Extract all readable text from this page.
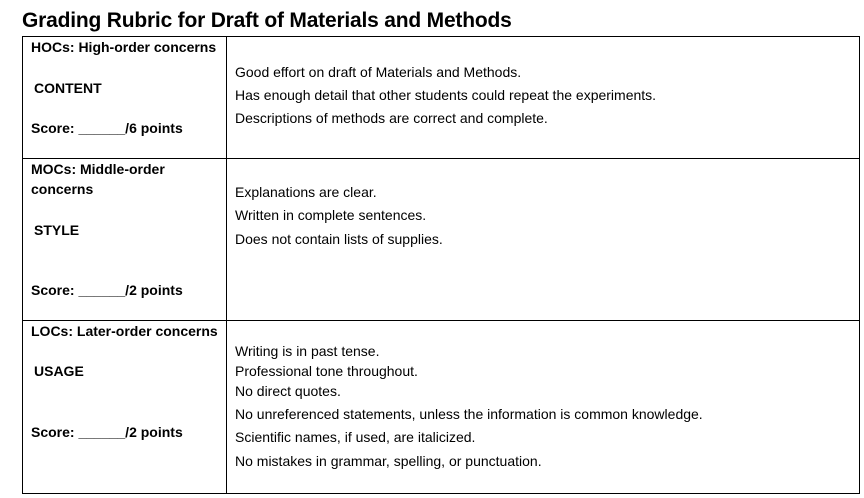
Grading Rubric for Draft of Materials and Methods
HOCs: High-order concerns
CONTENT
Score: ______/6 points
Good effort on draft of Materials and Methods.
Has enough detail that other students could repeat the experiments.
Descriptions of methods are correct and complete.
MOCs: Middle-order
concerns
STYLE
Score: ______/2 points
Explanations are clear.
Written in complete sentences.
Does not contain lists of supplies.
LOCs: Later-order concerns
USAGE
Score: ______/2 points
Writing is in past tense.
Professional tone throughout.
No direct quotes.
No unreferenced statements, unless the information is common knowledge.
Scientific names, if used, are italicized.
No mistakes in grammar, spelling, or punctuation.
